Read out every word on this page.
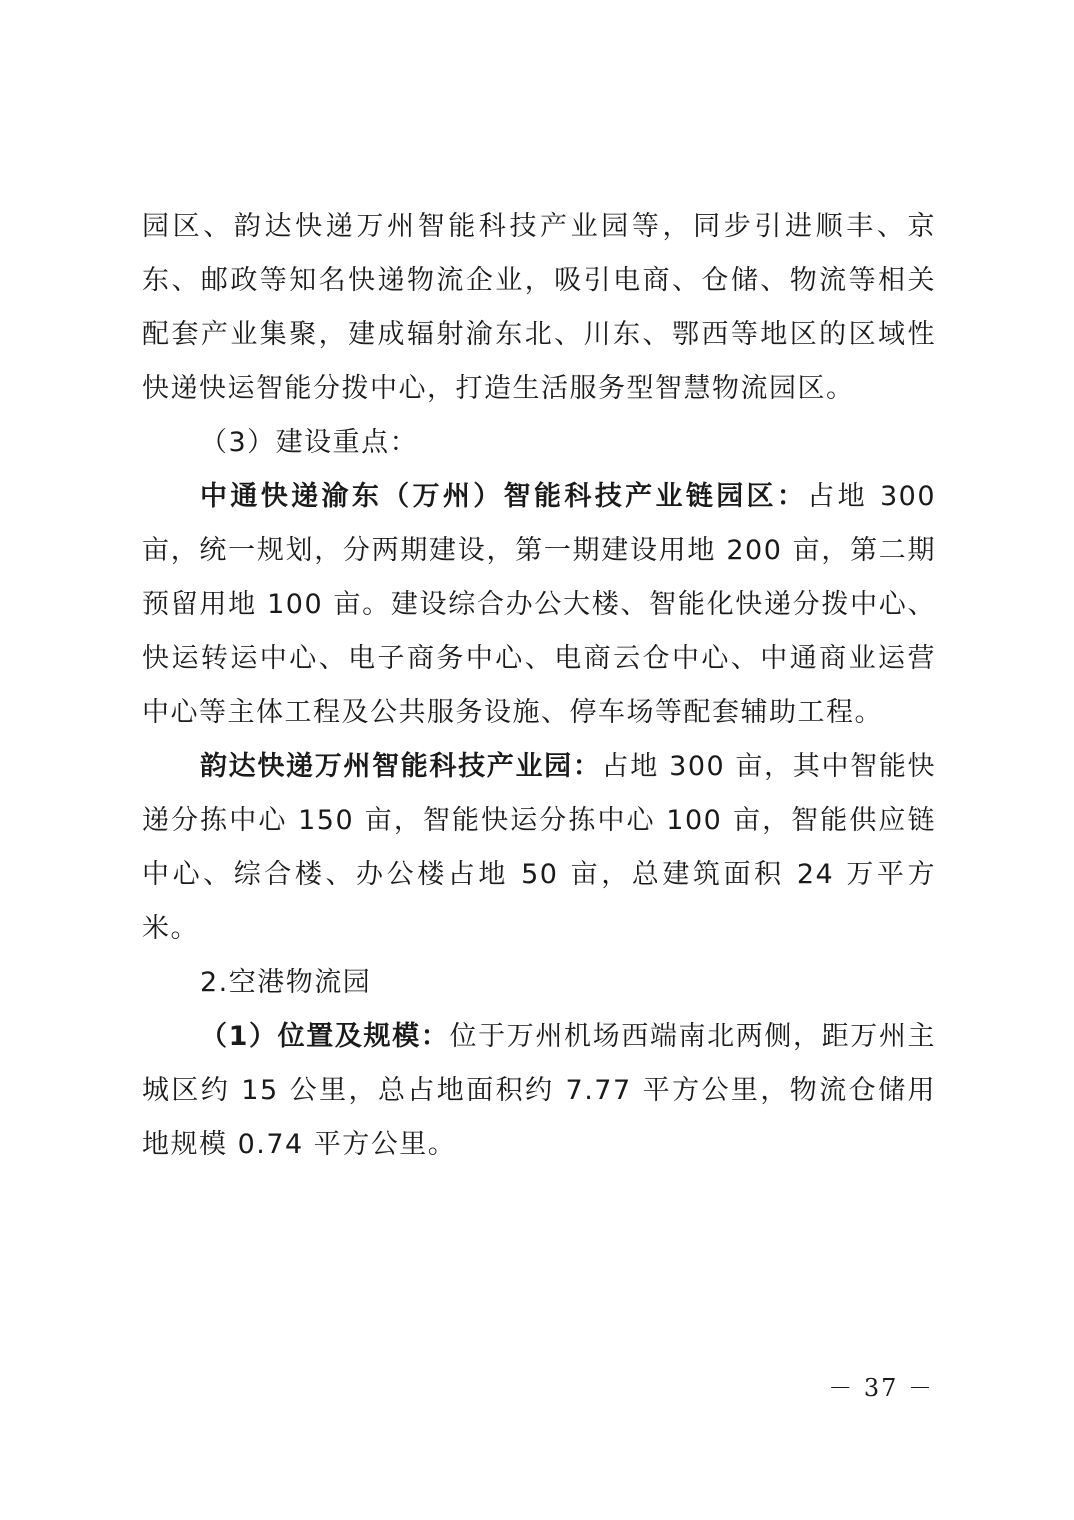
园区、韵达快递万州智能科技产业园等，同步引进顺丰、京东、邮政等知名快递物流企业，吸引电商、仓储、物流等相关配套产业集聚，建成辐射渝东北、川东、鄂西等地区的区域性快递快运智能分拨中心，打造生活服务型智慧物流园区。

（3）建设重点：

中通快递渝东（万州）智能科技产业链园区：占地 300 亩，统一规划，分两期建设，第一期建设用地 200 亩，第二期预留用地 100 亩。建设综合办公大楼、智能化快递分拨中心、快运转运中心、电子商务中心、电商云仓中心、中通商业运营中心等主体工程及公共服务设施、停车场等配套辅助工程。

韵达快递万州智能科技产业园：占地 300 亩，其中智能快递分拣中心 150 亩，智能快运分拣中心 100 亩，智能供应链中心、综合楼、办公楼占地 50 亩，总建筑面积 24 万平方米。

2.空港物流园

（1）位置及规模：位于万州机场西端南北两侧，距万州主城区约 15 公里，总占地面积约 7.77 平方公里，物流仓储用地规模 0.74 平方公里。

－ 37 －
